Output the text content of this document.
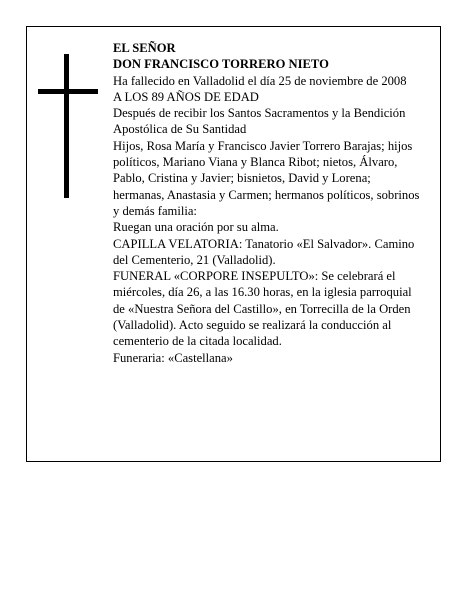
EL SEÑOR

DON FRANCISCO TORRERO NIETO

Ha fallecido en Valladolid el día 25 de noviembre de 2008

A LOS 89 AÑOS DE EDAD

Después de recibir los Santos Sacramentos y la Bendición Apostólica de Su Santidad

Hijos, Rosa María y Francisco Javier Torrero Barajas; hijos políticos, Mariano Viana y Blanca Ribot; nietos, Álvaro, Pablo, Cristina y Javier; bisnietos, David y Lorena; hermanas, Anastasia y Carmen; hermanos políticos, sobrinos y demás familia:

Ruegan una oración por su alma.

CAPILLA VELATORIA: Tanatorio «El Salvador». Camino del Cementerio, 21 (Valladolid).

FUNERAL «CORPORE INSEPULTO»: Se celebrará el miércoles, día 26, a las 16.30 horas, en la iglesia parroquial de «Nuestra Señora del Castillo», en Torrecilla de la Orden (Valladolid). Acto seguido se realizará la conducción al cementerio de la citada localidad.

Funeraria: «Castellana»
